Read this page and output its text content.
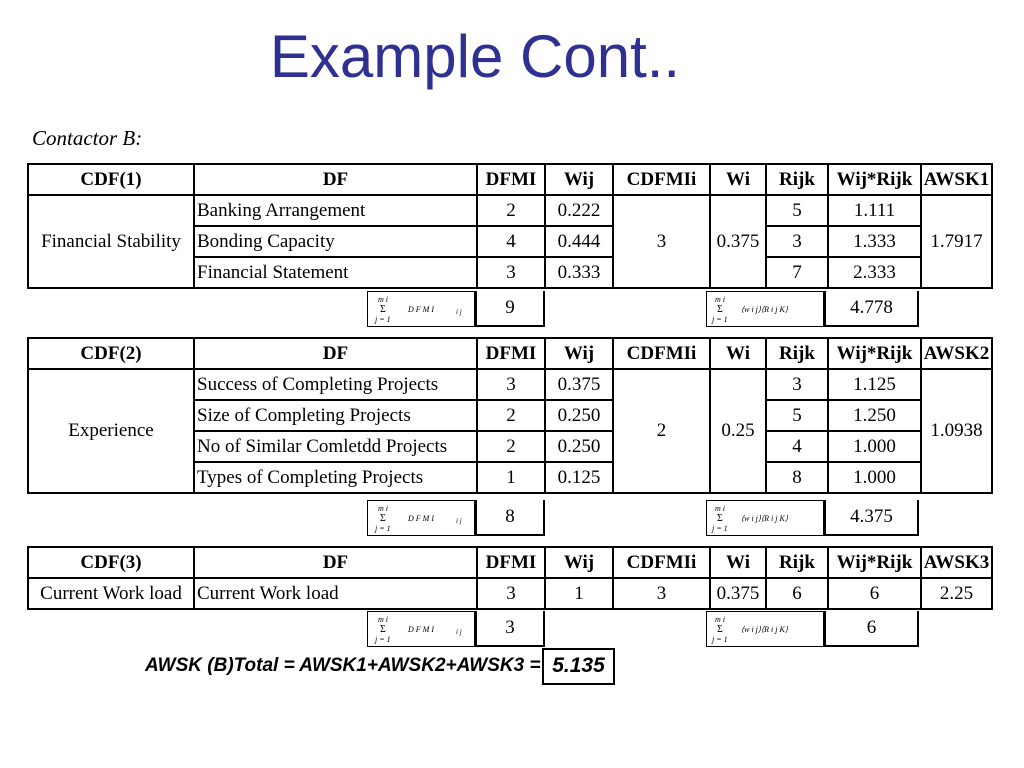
Example Cont..
Contactor B:
CDF(1)	DF	DFMI	Wij	CDFMIi	Wi	Rijk	Wij*Rijk	AWSK1
Financial Stability	Banking Arrangement	2	0.222	3	0.375	5	1.111	1.7917
	Bonding Capacity	4	0.444			3	1.333	
	Financial Statement	3	0.333			7	2.333	
m i
Σ	D F M I	i j
j = 1
9	m i
Σ ⟨w i j⟩⟨R i j K⟩
j = 1
4.778
CDF(2)	DF	DFMI	Wij	CDFMIi	Wi	Rijk	Wij*Rijk	AWSK2
Experience	Success of Completing Projects	3	0.375	2	0.25	3	1.125	1.0938
	Size of Completing Projects	2	0.250			5	1.250	
	No of Similar Comletdd Projects	2	0.250			4	1.000	
	Types of Completing Projects	1	0.125			8	1.000	
m i
Σ	D F M I	i j
j = 1
8	m i
Σ ⟨w i j⟩⟨R i j K⟩
j = 1
4.375
CDF(3)	DF	DFMI	Wij	CDFMIi	Wi	Rijk	Wij*Rijk	AWSK3
Current Work load	Current Work load	3	1	3	0.375	6	6	2.25
m i
Σ	D F M I	i j
j = 1
3	m i
Σ ⟨w i j⟩⟨R i j K⟩
j = 1
6
AWSK (B)Total = AWSK1+AWSK2+AWSK3 = 5.135
